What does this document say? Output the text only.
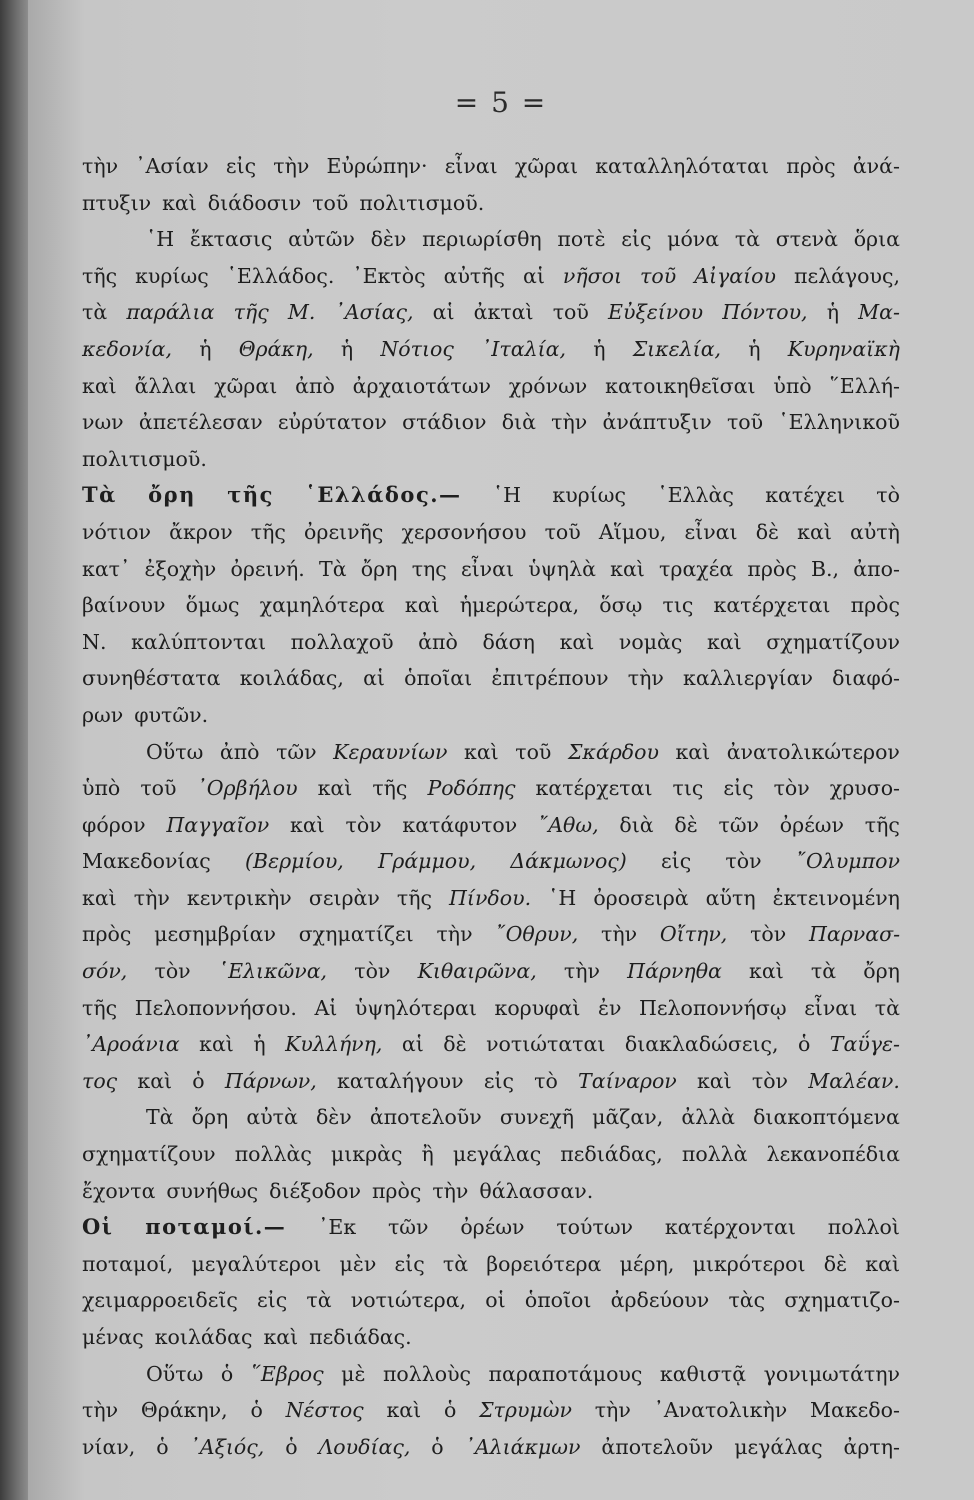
= 5 =
τὴν ᾿Ασίαν εἰς τὴν Εὐρώπην· εἶναι χῶραι καταλληλόταται πρὸς ἀνά-
πτυξιν καὶ διάδοσιν τοῦ πολιτισμοῦ.
῾Η ἔκτασις αὐτῶν δὲν περιωρίσθη ποτὲ εἰς μόνα τὰ στενὰ ὅρια
τῆς κυρίως ῾Ελλάδος. ᾿Εκτὸς αὐτῆς αἱ νῆσοι τοῦ Αἰγαίου πελάγους,
τὰ παράλια τῆς Μ. ᾿Ασίας, αἱ ἀκταὶ τοῦ Εὐξείνου Πόντου, ἡ Μα-
κεδονία, ἡ Θράκη, ἡ Νότιος ᾿Ιταλία, ἡ Σικελία, ἡ Κυρηναϊκὴ
καὶ ἄλλαι χῶραι ἀπὸ ἀρχαιοτάτων χρόνων κατοικηθεῖσαι ὑπὸ ῞Ελλή-
νων ἀπετέλεσαν εὐρύτατον στάδιον διὰ τὴν ἀνάπτυξιν τοῦ ῾Ελληνικοῦ
πολιτισμοῦ.
Τὰ ὄρη τῆς ῾Ελλάδος.— ῾Η κυρίως ῾Ελλὰς κατέχει τὸ
νότιον ἄκρον τῆς ὀρεινῆς χερσονήσου τοῦ Αἵμου, εἶναι δὲ καὶ αὐτὴ
κατ᾿ ἐξοχὴν ὀρεινή. Τὰ ὄρη της εἶναι ὑψηλὰ καὶ τραχέα πρὸς Β., ἀπο-
βαίνουν ὅμως χαμηλότερα καὶ ἡμερώτερα, ὅσῳ τις κατέρχεται πρὸς
Ν. καλύπτονται πολλαχοῦ ἀπὸ δάση καὶ νομὰς καὶ σχηματίζουν
συνηθέστατα κοιλάδας, αἱ ὁποῖαι ἐπιτρέπουν τὴν καλλιεργίαν διαφό-
ρων φυτῶν.
Οὕτω ἀπὸ τῶν Κεραυνίων καὶ τοῦ Σκάρδου καὶ ἀνατολικώτερον
ὑπὸ τοῦ ᾿Ορβήλου καὶ τῆς Ροδόπης κατέρχεται τις εἰς τὸν χρυσο-
φόρον Παγγαῖον καὶ τὸν κατάφυτον ῎Αθω, διὰ δὲ τῶν ὀρέων τῆς
Μακεδονίας (Βερμίου, Γράμμου, Δάκμωνος) εἰς τὸν ῎Ολυμπον
καὶ τὴν κεντρικὴν σειρὰν τῆς Πίνδου. ῾Η ὀροσειρὰ αὕτη ἐκτεινομένη
πρὸς μεσημβρίαν σχηματίζει τὴν ῎Οθρυν, τὴν Οἴτην, τὸν Παρνασ-
σόν, τὸν ῾Ελικῶνα, τὸν Κιθαιρῶνα, τὴν Πάρνηθα καὶ τὰ ὄρη
τῆς Πελοποννήσου. Αἱ ὑψηλότεραι κορυφαὶ ἐν Πελοποννήσῳ εἶναι τὰ
᾿Αροάνια καὶ ἡ Κυλλήνη, αἱ δὲ νοτιώταται διακλαδώσεις, ὁ Ταΰγε-
τος καὶ ὁ Πάρνων, καταλήγουν εἰς τὸ Ταίναρον καὶ τὸν Μαλέαν.
Τὰ ὄρη αὐτὰ δὲν ἀποτελοῦν συνεχῆ μᾶζαν, ἀλλὰ διακοπτόμενα
σχηματίζουν πολλὰς μικρὰς ἢ μεγάλας πεδιάδας, πολλὰ λεκανοπέδια
ἔχοντα συνήθως διέξοδον πρὸς τὴν θάλασσαν.
Οἱ ποταμοί.— ᾿Εκ τῶν ὀρέων τούτων κατέρχονται πολλοὶ
ποταμοί, μεγαλύτεροι μὲν εἰς τὰ βορειότερα μέρη, μικρότεροι δὲ καὶ
χειμαρροειδεῖς εἰς τὰ νοτιώτερα, οἱ ὁποῖοι ἀρδεύουν τὰς σχηματιζο-
μένας κοιλάδας καὶ πεδιάδας.
Οὕτω ὁ ῞Εβρος μὲ πολλοὺς παραποτάμους καθιστᾷ γονιμωτάτην
τὴν Θράκην, ὁ Νέστος καὶ ὁ Στρυμὼν τὴν ᾿Ανατολικὴν Μακεδο-
νίαν, ὁ ᾿Αξιός, ὁ Λουδίας, ὁ ᾿Αλιάκμων ἀποτελοῦν μεγάλας ἀρτη-
